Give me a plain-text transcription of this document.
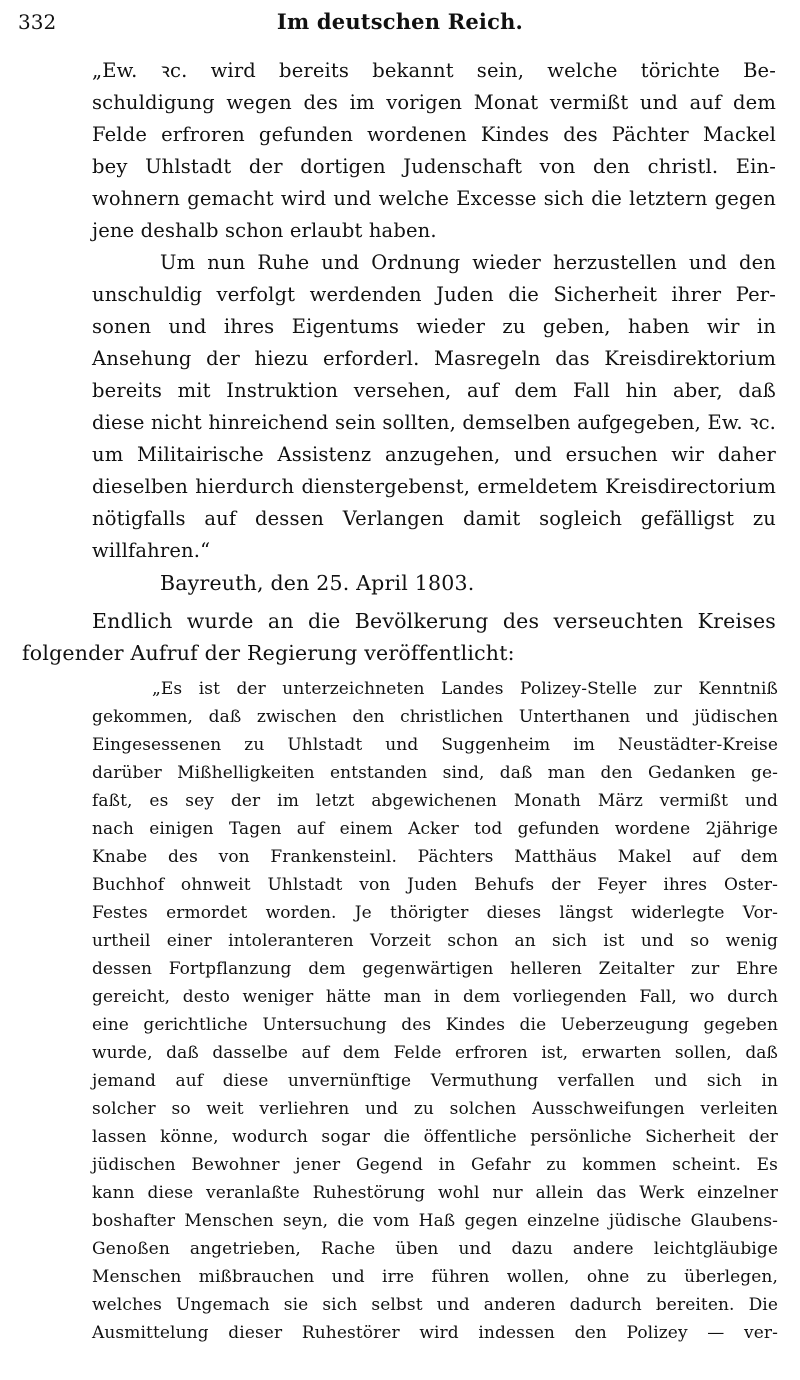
332	Im deutschen Reich.
„Ew. ꝛc. wird bereits bekannt sein, welche törichte Be-
schuldigung wegen des im vorigen Monat vermißt und auf dem
Felde erfroren gefunden wordenen Kindes des Pächter Mackel
bey Uhlstadt der dortigen Judenschaft von den christl. Ein-
wohnern gemacht wird und welche Excesse sich die letztern gegen
jene deshalb schon erlaubt haben.
Um nun Ruhe und Ordnung wieder herzustellen und den
unschuldig verfolgt werdenden Juden die Sicherheit ihrer Per-
sonen und ihres Eigentums wieder zu geben, haben wir in
Ansehung der hiezu erforderl. Masregeln das Kreisdirektorium
bereits mit Instruktion versehen, auf dem Fall hin aber, daß
diese nicht hinreichend sein sollten, demselben aufgegeben, Ew. ꝛc.
um Militairische Assistenz anzugehen, und ersuchen wir daher
dieselben hierdurch dienstergebenst, ermeldetem Kreisdirectorium
nötigfalls auf dessen Verlangen damit sogleich gefälligst zu
willfahren.“
Bayreuth, den 25. April 1803.
Endlich wurde an die Bevölkerung des verseuchten Kreises
folgender Aufruf der Regierung veröffentlicht:
„Es ist der unterzeichneten Landes Polizey-Stelle zur Kenntniß
gekommen, daß zwischen den christlichen Unterthanen und jüdischen
Eingesessenen zu Uhlstadt und Suggenheim im Neustädter-Kreise
darüber Mißhelligkeiten entstanden sind, daß man den Gedanken ge-
faßt, es sey der im letzt abgewichenen Monath März vermißt und
nach einigen Tagen auf einem Acker tod gefunden wordene 2jährige
Knabe des von Frankensteinl. Pächters Matthäus Makel auf dem
Buchhof ohnweit Uhlstadt von Juden Behufs der Feyer ihres Oster-
Festes ermordet worden. Je thörigter dieses längst widerlegte Vor-
urtheil einer intoleranteren Vorzeit schon an sich ist und so wenig
dessen Fortpflanzung dem gegenwärtigen helleren Zeitalter zur Ehre
gereicht, desto weniger hätte man in dem vorliegenden Fall, wo durch
eine gerichtliche Untersuchung des Kindes die Ueberzeugung gegeben
wurde, daß dasselbe auf dem Felde erfroren ist, erwarten sollen, daß
jemand auf diese unvernünftige Vermuthung verfallen und sich in
solcher so weit verliehren und zu solchen Ausschweifungen verleiten
lassen könne, wodurch sogar die öffentliche persönliche Sicherheit der
jüdischen Bewohner jener Gegend in Gefahr zu kommen scheint. Es
kann diese veranlaßte Ruhestörung wohl nur allein das Werk einzelner
boshafter Menschen seyn, die vom Haß gegen einzelne jüdische Glaubens-
Genoßen angetrieben, Rache üben und dazu andere leichtgläubige
Menschen mißbrauchen und irre führen wollen, ohne zu überlegen,
welches Ungemach sie sich selbst und anderen dadurch bereiten. Die
Ausmittelung dieser Ruhestörer wird indessen den Polizey — ver-
